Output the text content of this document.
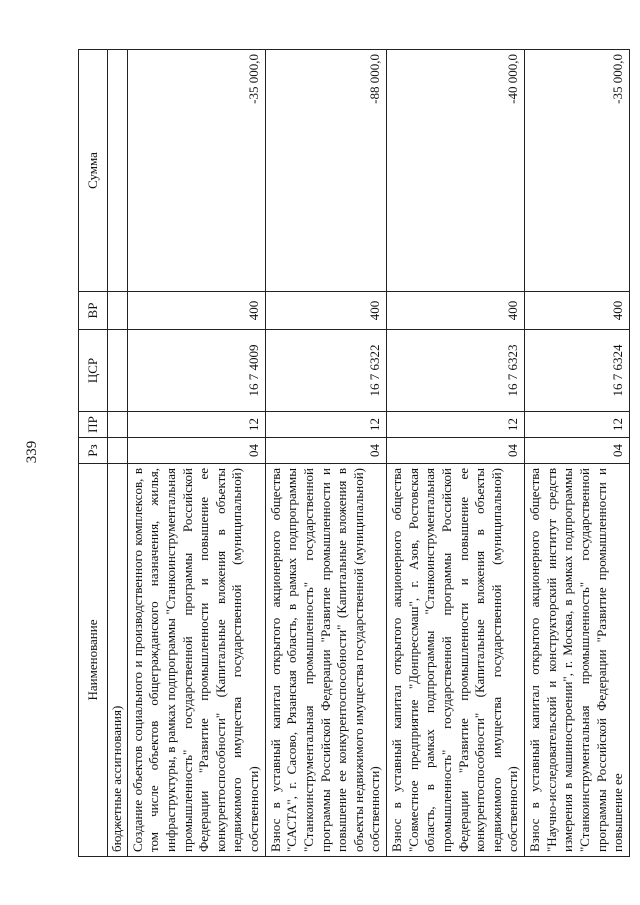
339
Наименование	Рз	ПР	ЦСР	ВР	Сумма
бюджетные ассигнования)					
Создание объектов социального и производственного комплексов, в том числе объектов общегражданского назначения, жилья, инфраструктуры, в рамках подпрограммы "Станкоинструментальная промышленность" государственной программы Российской Федерации "Развитие промышленности и повышение ее конкурентоспособности" (Капитальные вложения в объекты недвижимого имущества государственной (муниципальной) собственности)	04	12	16 7 4009	400	-35 000,0
Взнос в уставный капитал открытого акционерного общества "САСТА", г. Сасово, Рязанская область, в рамках подпрограммы "Станкоинструментальная промышленность" государственной программы Российской Федерации "Развитие промышленности и повышение ее конкурентоспособности" (Капитальные вложения в объекты недвижимого имущества государственной (муниципальной) собственности)	04	12	16 7 6322	400	-88 000,0
Взнос в уставный капитал открытого акционерного общества "Совместное предприятие "Донпрессмаш", г. Азов, Ростовская область, в рамках подпрограммы "Станкоинструментальная промышленность" государственной программы Российской Федерации "Развитие промышленности и повышение ее конкурентоспособности" (Капитальные вложения в объекты недвижимого имущества государственной (муниципальной) собственности)	04	12	16 7 6323	400	-40 000,0
Взнос в уставный капитал открытого акционерного общества "Научно-исследовательский и конструкторский институт средств измерения в машиностроении", г. Москва, в рамках подпрограммы "Станкоинструментальная промышленность" государственной программы Российской Федерации "Развитие промышленности и повышение ее	04	12	16 7 6324	400	-35 000,0
